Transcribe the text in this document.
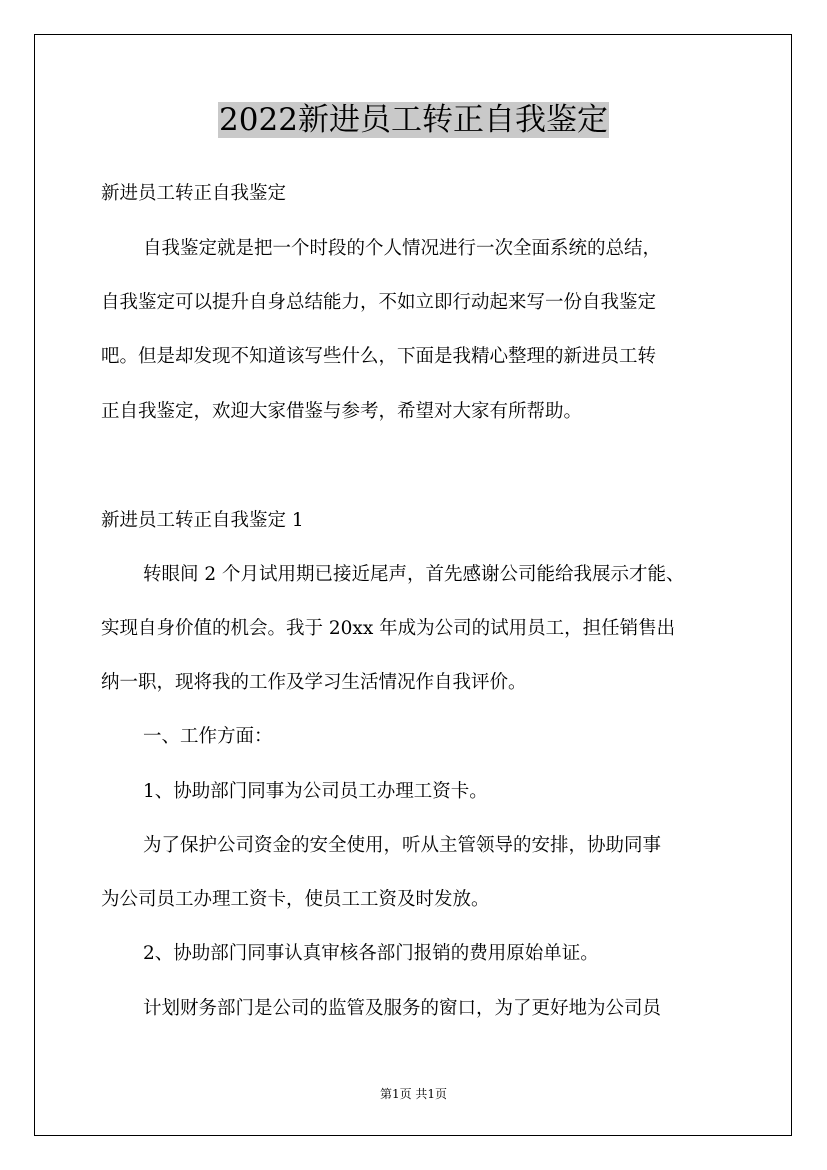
2022新进员工转正自我鉴定
新进员工转正自我鉴定
自我鉴定就是把一个时段的个人情况进行一次全面系统的总结，
自我鉴定可以提升自身总结能力，不如立即行动起来写一份自我鉴定
吧。但是却发现不知道该写些什么，下面是我精心整理的新进员工转
正自我鉴定，欢迎大家借鉴与参考，希望对大家有所帮助。
新进员工转正自我鉴定 1
转眼间 2 个月试用期已接近尾声，首先感谢公司能给我展示才能、
实现自身价值的机会。我于 20xx 年成为公司的试用员工，担任销售出
纳一职，现将我的工作及学习生活情况作自我评价。
一、工作方面：
1、协助部门同事为公司员工办理工资卡。
为了保护公司资金的安全使用，听从主管领导的安排，协助同事
为公司员工办理工资卡，使员工工资及时发放。
2、协助部门同事认真审核各部门报销的费用原始单证。
计划财务部门是公司的监管及服务的窗口，为了更好地为公司员
第1页 共1页
